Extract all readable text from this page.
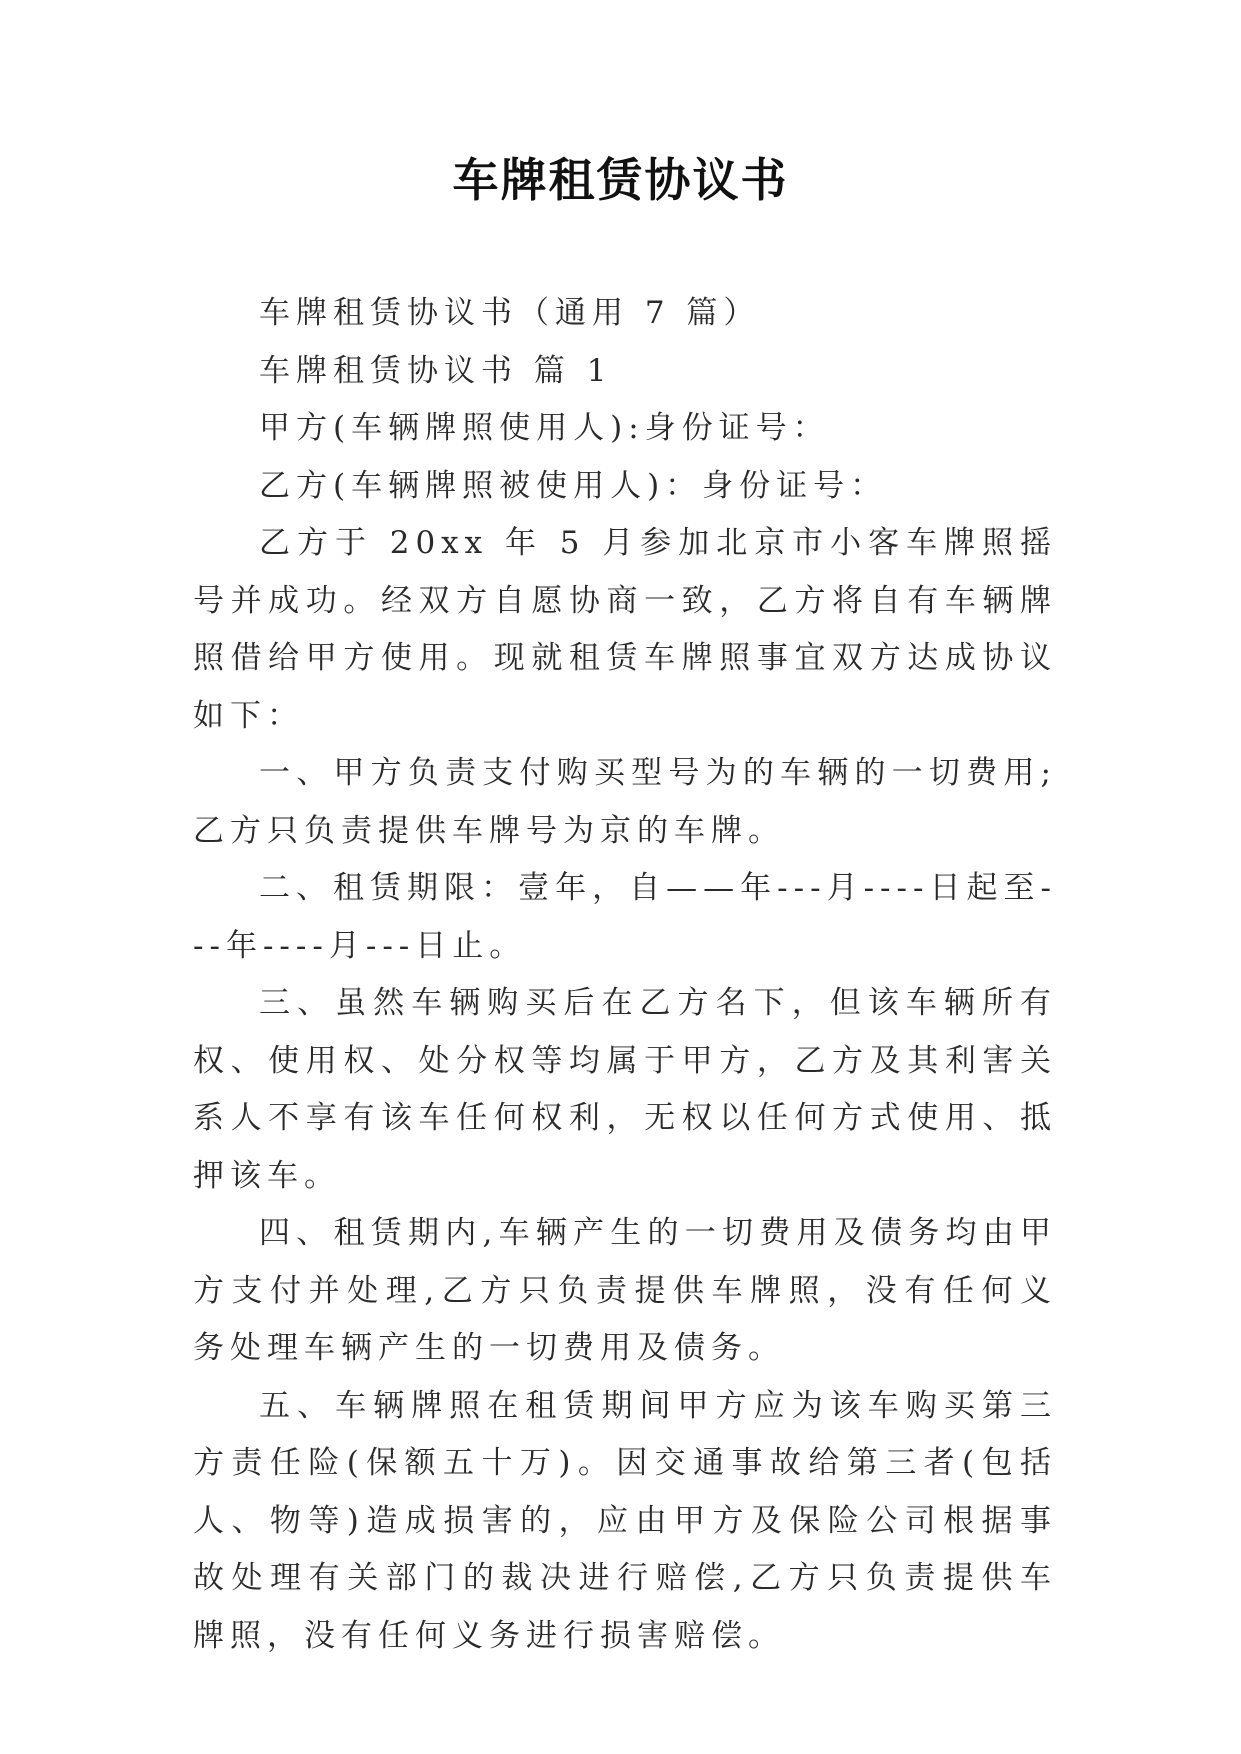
车牌租赁协议书

车牌租赁协议书（通用 7 篇）

车牌租赁协议书 篇 1

甲方(车辆牌照使用人):身份证号：

乙方(车辆牌照被使用人)：身份证号：

乙方于 20xx 年 5 月参加北京市小客车牌照摇号并成功。经双方自愿协商一致，乙方将自有车辆牌照借给甲方使用。现就租赁车牌照事宜双方达成协议如下：

一、甲方负责支付购买型号为的车辆的一切费用;乙方只负责提供车牌号为京的车牌。

二、租赁期限：壹年，自——年---月----日起至---年----月---日止。

三、虽然车辆购买后在乙方名下，但该车辆所有权、使用权、处分权等均属于甲方，乙方及其利害关系人不享有该车任何权利，无权以任何方式使用、抵押该车。

四、租赁期内,车辆产生的一切费用及债务均由甲方支付并处理,乙方只负责提供车牌照，没有任何义务处理车辆产生的一切费用及债务。

五、车辆牌照在租赁期间甲方应为该车购买第三方责任险(保额五十万)。因交通事故给第三者(包括人、物等)造成损害的，应由甲方及保险公司根据事故处理有关部门的裁决进行赔偿,乙方只负责提供车牌照，没有任何义务进行损害赔偿。
